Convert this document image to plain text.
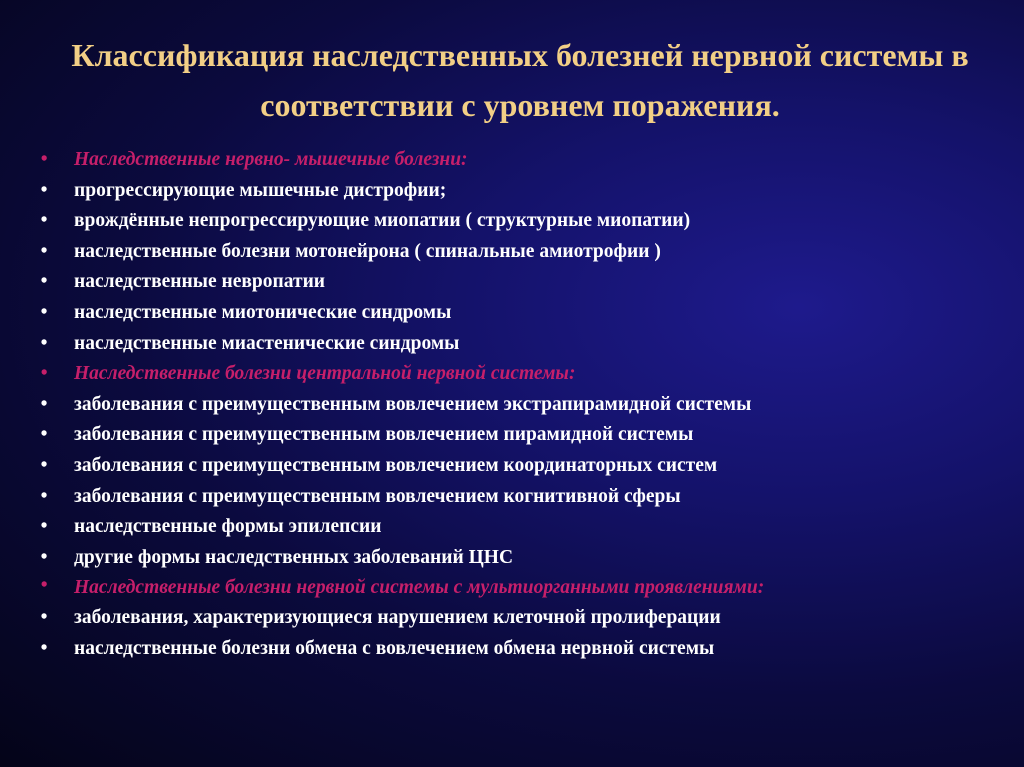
Классификация наследственных болезней нервной системы в соответствии с уровнем поражения.
•	Наследственные нервно- мышечные болезни:
•	прогрессирующие мышечные дистрофии;
•	врождённые непрогрессирующие миопатии ( структурные миопатии)
•	наследственные болезни мотонейрона ( спинальные амиотрофии )
•	наследственные невропатии
•	наследственные миотонические синдромы
•	наследственные миастенические синдромы
•	Наследственные болезни центральной нервной системы:
•	заболевания с преимущественным вовлечением экстрапирамидной системы
•	заболевания с преимущественным вовлечением пирамидной системы
•	заболевания с преимущественным вовлечением координаторных систем
•	заболевания с преимущественным вовлечением когнитивной сферы
•	наследственные формы эпилепсии
•	другие формы наследственных заболеваний ЦНС
•	Наследственные болезни нервной системы с мультиорганными проявлениями:
•	заболевания, характеризующиеся нарушением клеточной пролиферации
•	наследственные болезни обмена с вовлечением обмена нервной системы
